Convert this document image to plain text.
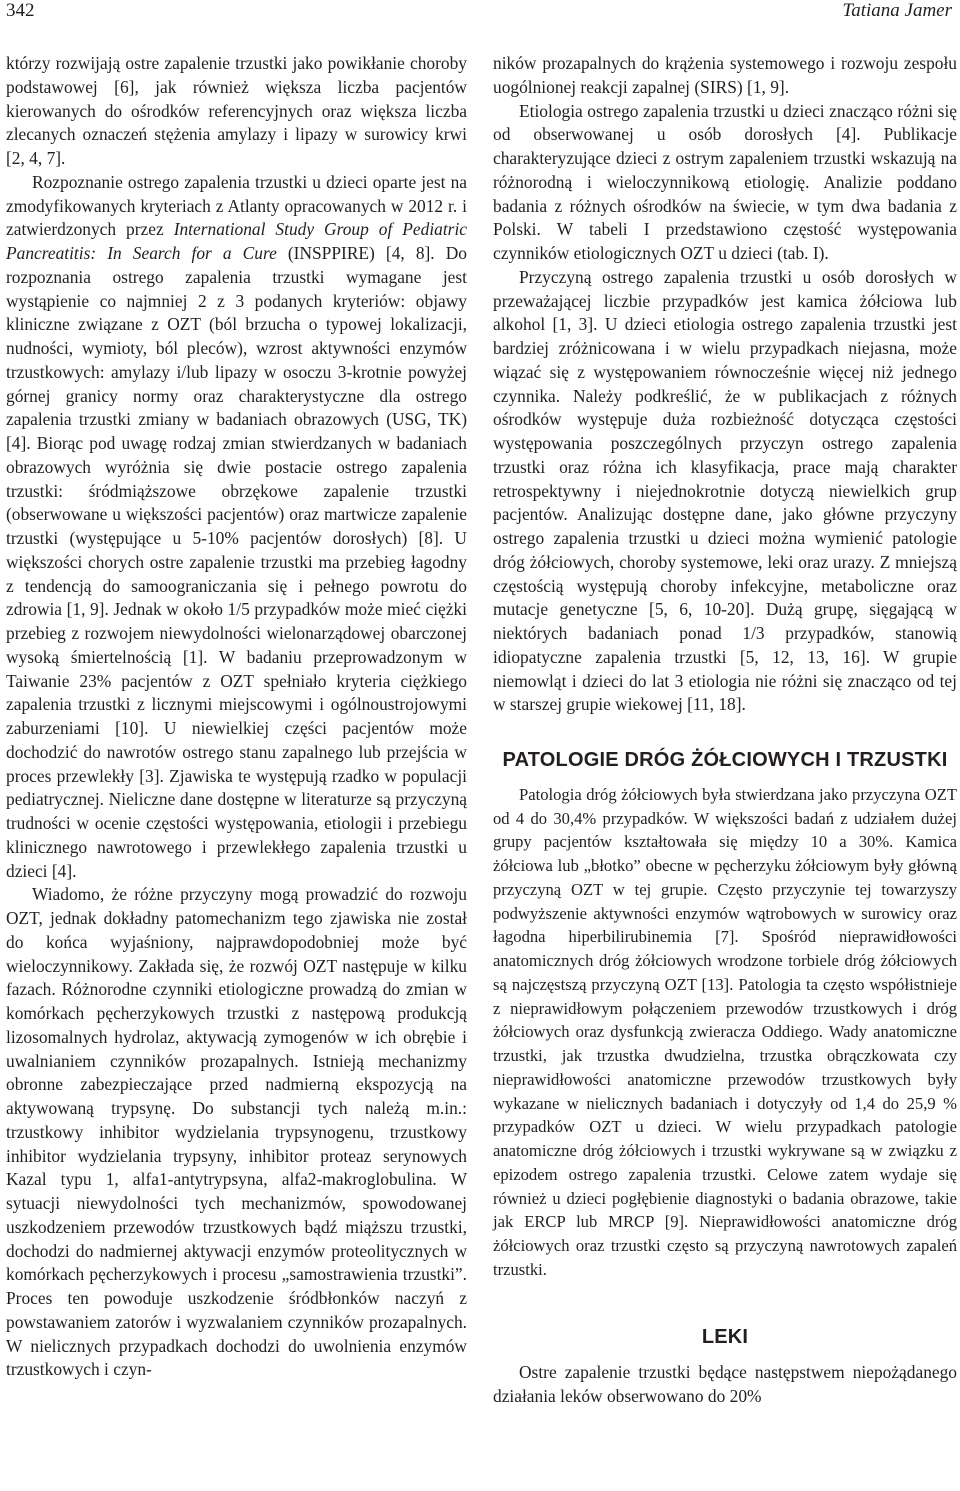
342	Tatiana Jamer

którzy rozwijają ostre zapalenie trzustki jako powikłanie choroby podstawowej [6], jak również większa liczba pacjentów kierowanych do ośrodków referencyjnych oraz większa liczba zlecanych oznaczeń stężenia amylazy i lipazy w surowicy krwi [2, 4, 7].

Rozpoznanie ostrego zapalenia trzustki u dzieci oparte jest na zmodyfikowanych kryteriach z Atlanty opracowanych w 2012 r. i zatwierdzonych przez International Study Group of Pediatric Pancreatitis: In Search for a Cure (INSPPIRE) [4, 8]. Do rozpoznania ostrego zapalenia trzustki wymagane jest wystąpienie co najmniej 2 z 3 podanych kryteriów: objawy kliniczne związane z OZT (ból brzucha o typowej lokalizacji, nudności, wymioty, ból pleców), wzrost aktywności enzymów trzustkowych: amylazy i/lub lipazy w osoczu 3-krotnie powyżej górnej granicy normy oraz charakterystyczne dla ostrego zapalenia trzustki zmiany w badaniach obrazowych (USG, TK) [4]. Biorąc pod uwagę rodzaj zmian stwierdzanych w badaniach obrazowych wyróżnia się dwie postacie ostrego zapalenia trzustki: śródmiąższowe obrzękowe zapalenie trzustki (obserwowane u większości pacjentów) oraz martwicze zapalenie trzustki (występujące u 5-10% pacjentów dorosłych) [8]. U większości chorych ostre zapalenie trzustki ma przebieg łagodny z tendencją do samoograniczania się i pełnego powrotu do zdrowia [1, 9]. Jednak w około 1/5 przypadków może mieć ciężki przebieg z rozwojem niewydolności wielonarządowej obarczonej wysoką śmiertelnością [1]. W badaniu przeprowadzonym w Taiwanie 23% pacjentów z OZT spełniało kryteria ciężkiego zapalenia trzustki z licznymi miejscowymi i ogólnoustrojowymi zaburzeniami [10]. U niewielkiej części pacjentów może dochodzić do nawrotów ostrego stanu zapalnego lub przejścia w proces przewlekły [3]. Zjawiska te występują rzadko w populacji pediatrycznej. Nieliczne dane dostępne w literaturze są przyczyną trudności w ocenie częstości występowania, etiologii i przebiegu klinicznego nawrotowego i przewlekłego zapalenia trzustki u dzieci [4].

Wiadomo, że różne przyczyny mogą prowadzić do rozwoju OZT, jednak dokładny patomechanizm tego zjawiska nie został do końca wyjaśniony, najprawdopodobniej może być wieloczynnikowy. Zakłada się, że rozwój OZT następuje w kilku fazach. Różnorodne czynniki etiologiczne prowadzą do zmian w komórkach pęcherzykowych trzustki z następową produkcją lizosomalnych hydrolaz, aktywacją zymogenów w ich obrębie i uwalnianiem czynników prozapalnych. Istnieją mechanizmy obronne zabezpieczające przed nadmierną ekspozycją na aktywowaną trypsynę. Do substancji tych należą m.in.: trzustkowy inhibitor wydzielania trypsynogenu, trzustkowy inhibitor wydzielania trypsyny, inhibitor proteaz serynowych Kazal typu 1, alfa1-antytrypsyna, alfa2-makroglobulina. W sytuacji niewydolności tych mechanizmów, spowodowanej uszkodzeniem przewodów trzustkowych bądź miąższu trzustki, dochodzi do nadmiernej aktywacji enzymów proteolitycznych w komórkach pęcherzykowych i procesu „samostrawienia trzustki”. Proces ten powoduje uszkodzenie śródbłonków naczyń z powstawaniem zatorów i wyzwalaniem czynników prozapalnych. W nielicznych przypadkach dochodzi do uwolnienia enzymów trzustkowych i czyn-

ników prozapalnych do krążenia systemowego i rozwoju zespołu uogólnionej reakcji zapalnej (SIRS) [1, 9].

Etiologia ostrego zapalenia trzustki u dzieci znacząco różni się od obserwowanej u osób dorosłych [4]. Publikacje charakteryzujące dzieci z ostrym zapaleniem trzustki wskazują na różnorodną i wieloczynnikową etiologię. Analizie poddano badania z różnych ośrodków na świecie, w tym dwa badania z Polski. W tabeli I przedstawiono częstość występowania czynników etiologicznych OZT u dzieci (tab. I).

Przyczyną ostrego zapalenia trzustki u osób dorosłych w przeważającej liczbie przypadków jest kamica żółciowa lub alkohol [1, 3]. U dzieci etiologia ostrego zapalenia trzustki jest bardziej zróżnicowana i w wielu przypadkach niejasna, może wiązać się z występowaniem równocześnie więcej niż jednego czynnika. Należy podkreślić, że w publikacjach z różnych ośrodków występuje duża rozbieżność dotycząca częstości występowania poszczególnych przyczyn ostrego zapalenia trzustki oraz różna ich klasyfikacja, prace mają charakter retrospektywny i niejednokrotnie dotyczą niewielkich grup pacjentów. Analizując dostępne dane, jako główne przyczyny ostrego zapalenia trzustki u dzieci można wymienić patologie dróg żółciowych, choroby systemowe, leki oraz urazy. Z mniejszą częstością występują choroby infekcyjne, metaboliczne oraz mutacje genetyczne [5, 6, 10-20]. Dużą grupę, sięgającą w niektórych badaniach ponad 1/3 przypadków, stanowią idiopatyczne zapalenia trzustki [5, 12, 13, 16]. W grupie niemowląt i dzieci do lat 3 etiologia nie różni się znacząco od tej w starszej grupie wiekowej [11, 18].

PATOLOGIE DRÓG ŻÓŁCIOWYCH I TRZUSTKI

Patologia dróg żółciowych była stwierdzana jako przyczyna OZT od 4 do 30,4% przypadków. W większości badań z udziałem dużej grupy pacjentów kształtowała się między 10 a 30%. Kamica żółciowa lub „błotko” obecne w pęcherzyku żółciowym były główną przyczyną OZT w tej grupie. Często przyczynie tej towarzyszy podwyższenie aktywności enzymów wątrobowych w surowicy oraz łagodna hiperbilirubinemia [7]. Spośród nieprawidłowości anatomicznych dróg żółciowych wrodzone torbiele dróg żółciowych są najczęstszą przyczyną OZT [13]. Patologia ta często współistnieje z nieprawidłowym połączeniem przewodów trzustkowych i dróg żółciowych oraz dysfunkcją zwieracza Oddiego. Wady anatomiczne trzustki, jak trzustka dwudzielna, trzustka obrączkowata czy nieprawidłowości anatomiczne przewodów trzustkowych były wykazane w nielicznych badaniach i dotyczyły od 1,4 do 25,9 % przypadków OZT u dzieci. W wielu przypadkach patologie anatomiczne dróg żółciowych i trzustki wykrywane są w związku z epizodem ostrego zapalenia trzustki. Celowe zatem wydaje się również u dzieci pogłębienie diagnostyki o badania obrazowe, takie jak ERCP lub MRCP [9]. Nieprawidłowości anatomiczne dróg żółciowych oraz trzustki często są przyczyną nawrotowych zapaleń trzustki.

LEKI

Ostre zapalenie trzustki będące następstwem niepożądanego działania leków obserwowano do 20%
